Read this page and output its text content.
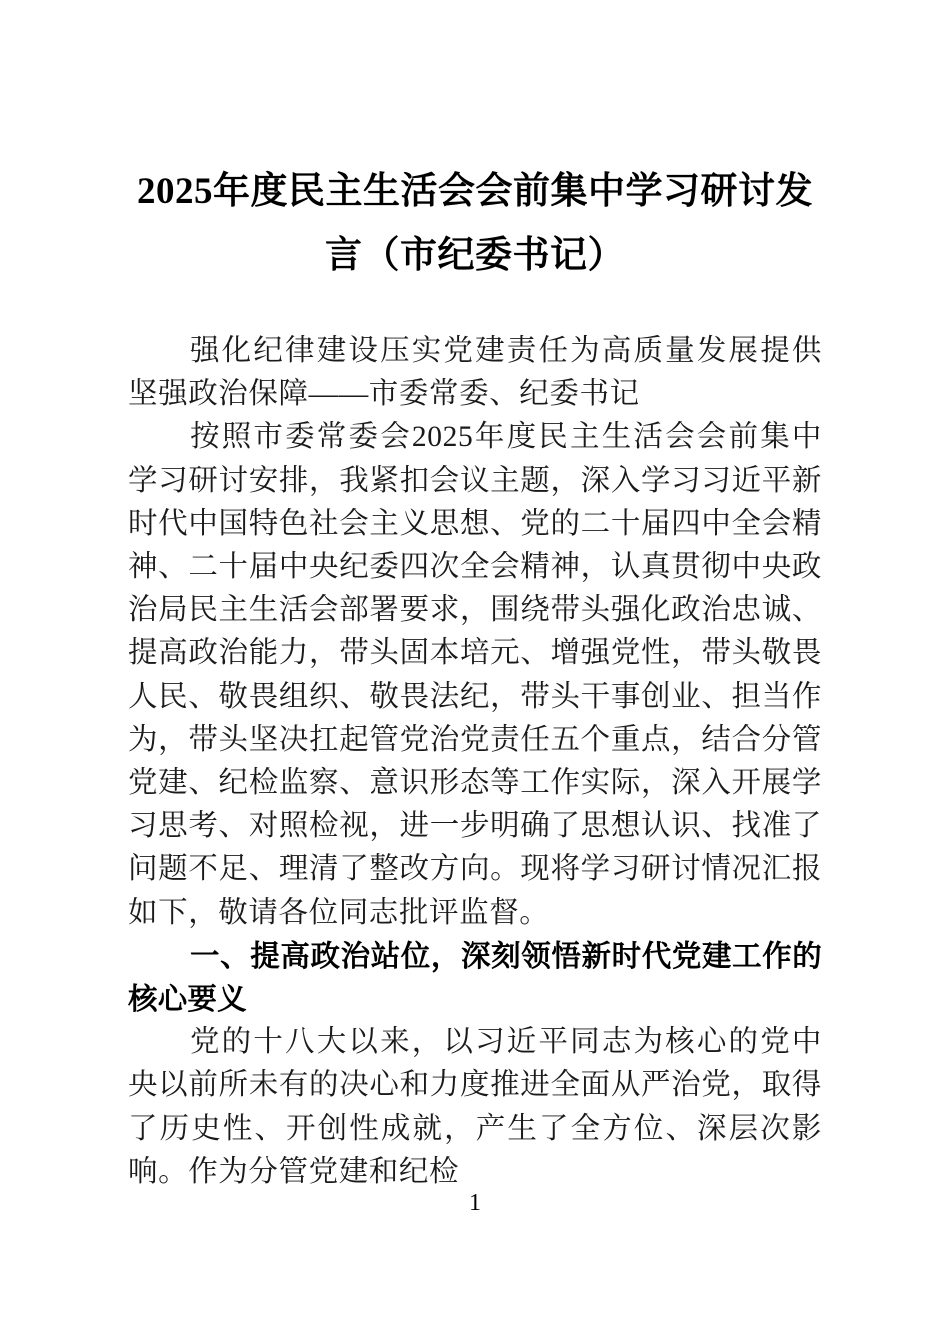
2025年度民主生活会会前集中学习研讨发言（市纪委书记）

强化纪律建设压实党建责任为高质量发展提供坚强政治保障——市委常委、纪委书记

按照市委常委会2025年度民主生活会会前集中学习研讨安排，我紧扣会议主题，深入学习习近平新时代中国特色社会主义思想、党的二十届四中全会精神、二十届中央纪委四次全会精神，认真贯彻中央政治局民主生活会部署要求，围绕带头强化政治忠诚、提高政治能力，带头固本培元、增强党性，带头敬畏人民、敬畏组织、敬畏法纪，带头干事创业、担当作为，带头坚决扛起管党治党责任五个重点，结合分管党建、纪检监察、意识形态等工作实际，深入开展学习思考、对照检视，进一步明确了思想认识、找准了问题不足、理清了整改方向。现将学习研讨情况汇报如下，敬请各位同志批评监督。

一、提高政治站位，深刻领悟新时代党建工作的核心要义

党的十八大以来，以习近平同志为核心的党中央以前所未有的决心和力度推进全面从严治党，取得了历史性、开创性成就，产生了全方位、深层次影响。作为分管党建和纪检

1
